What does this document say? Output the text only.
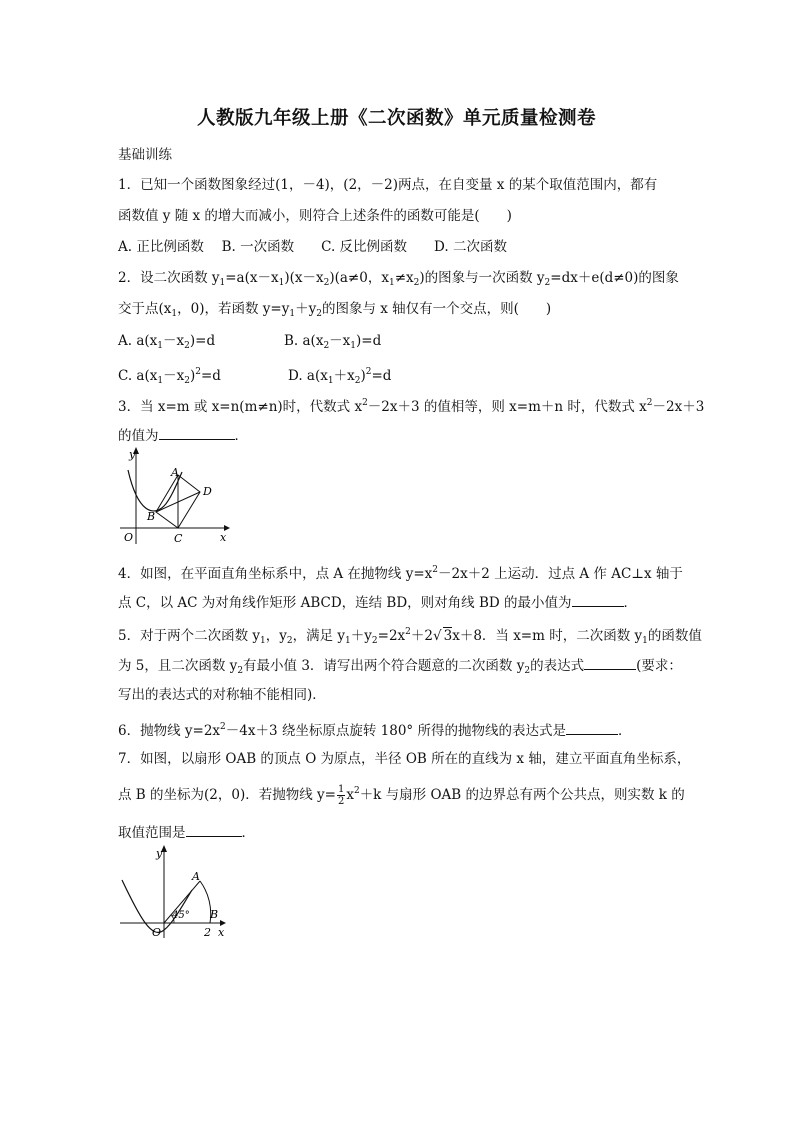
人教版九年级上册《二次函数》单元质量检测卷
基础训练
1．已知一个函数图象经过(1，－4)，(2，－2)两点，在自变量 x 的某个取值范围内，都有
函数值 y 随 x 的增大而减小，则符合上述条件的函数可能是(　　)
A. 正比例函数　 B. 一次函数　　C. 反比例函数　　D. 二次函数
2．设二次函数 $y_1=a(x-x_1)(x-x_2)(a\ne 0$，$x_1\ne x_2$)的图象与一次函数 $y_2=dx+e(d\ne 0)$的图象
交于点($x_1$，0)，若函数 $y=y_1+y_2$的图象与 x 轴仅有一个交点，则(　　)
A. $a(x_1-x_2)=d$	B. $a(x_2-x_1)=d$
C. $a(x_1-x_2)^2=d$	D. $a(x_1+x_2)^2=d$
3．当 x=m 或 x=n(m≠n)时，代数式 $x^2-2x+3$ 的值相等，则 x=m＋n 时，代数式 $x^2-2x+3$
的值为	．
y
x
O
A
B
C
D
4．如图，在平面直角坐标系中，点 A 在抛物线 $y=x^2-2x+2$ 上运动．过点 A 作 AC⊥x 轴于
点 C，以 AC 为对角线作矩形 ABCD，连结 BD，则对角线 BD 的最小值为	．
5．对于两个二次函数 $y_1$，$y_2$，满足 $y_1+y_2=2x^2+2√$ 3x＋8．当 x=m 时，二次函数 $y_1$的函数值
为 5，且二次函数 $y_2$有最小值 3．请写出两个符合题意的二次函数 $y_2$的表达式	(要求：
写出的表达式的对称轴不能相同)．
6．抛物线 $y=2x^2-4x+3$ 绕坐标原点旋转 180° 所得的抛物线的表达式是	．
7．如图，以扇形 OAB 的顶点 O 为原点，半径 OB 所在的直线为 x 轴，建立平面直角坐标系，
点 B 的坐标为(2，0)．若抛物线 $y= \frac{1}{2} x^2+k$ 与扇形 OAB 的边界总有两个公共点，则实数 k 的
取值范围是	．
y
x
O
A
B
2
45°
